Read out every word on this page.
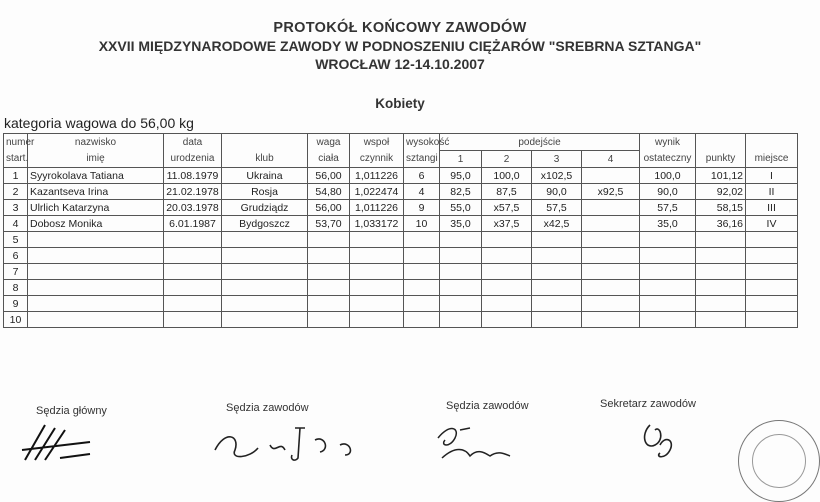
PROTOKÓŁ KOŃCOWY ZAWODÓW
XXVII MIĘDZYNARODOWE ZAWODY W PODNOSZENIU CIĘŻARÓW "SREBRNA SZTANGA"
WROCŁAW 12-14.10.2007
Kobiety
kategoria wagowa do 56,00 kg
numer	nazwisko	data		waga	wspoł	wysokość	podejście				wynik		
start.	imię	urodzenia	klub	ciała	czynnik	sztangi	1	2	3	4	ostateczny	punkty	miejsce
1	Syyrokolava Tatiana	11.08.1979	Ukraina	56,00	1,011226	6	95,0	100,0	x102,5		100,0	101,12	I
2	Kazantseva Irina	21.02.1978	Rosja	54,80	1,022474	4	82,5	87,5	90,0	x92,5	90,0	92,02	II
3	Ulrlich Katarzyna	20.03.1978	Grudziądz	56,00	1,011226	9	55,0	x57,5	57,5		57,5	58,15	III
4	Dobosz Monika	6.01.1987	Bydgoszcz	53,70	1,033172	10	35,0	x37,5	x42,5		35,0	36,16	IV
5													
6													
7													
8													
9													
10													
Sędzia główny	Sędzia zawodów	Sędzia zawodów	Sekretarz zawodów
